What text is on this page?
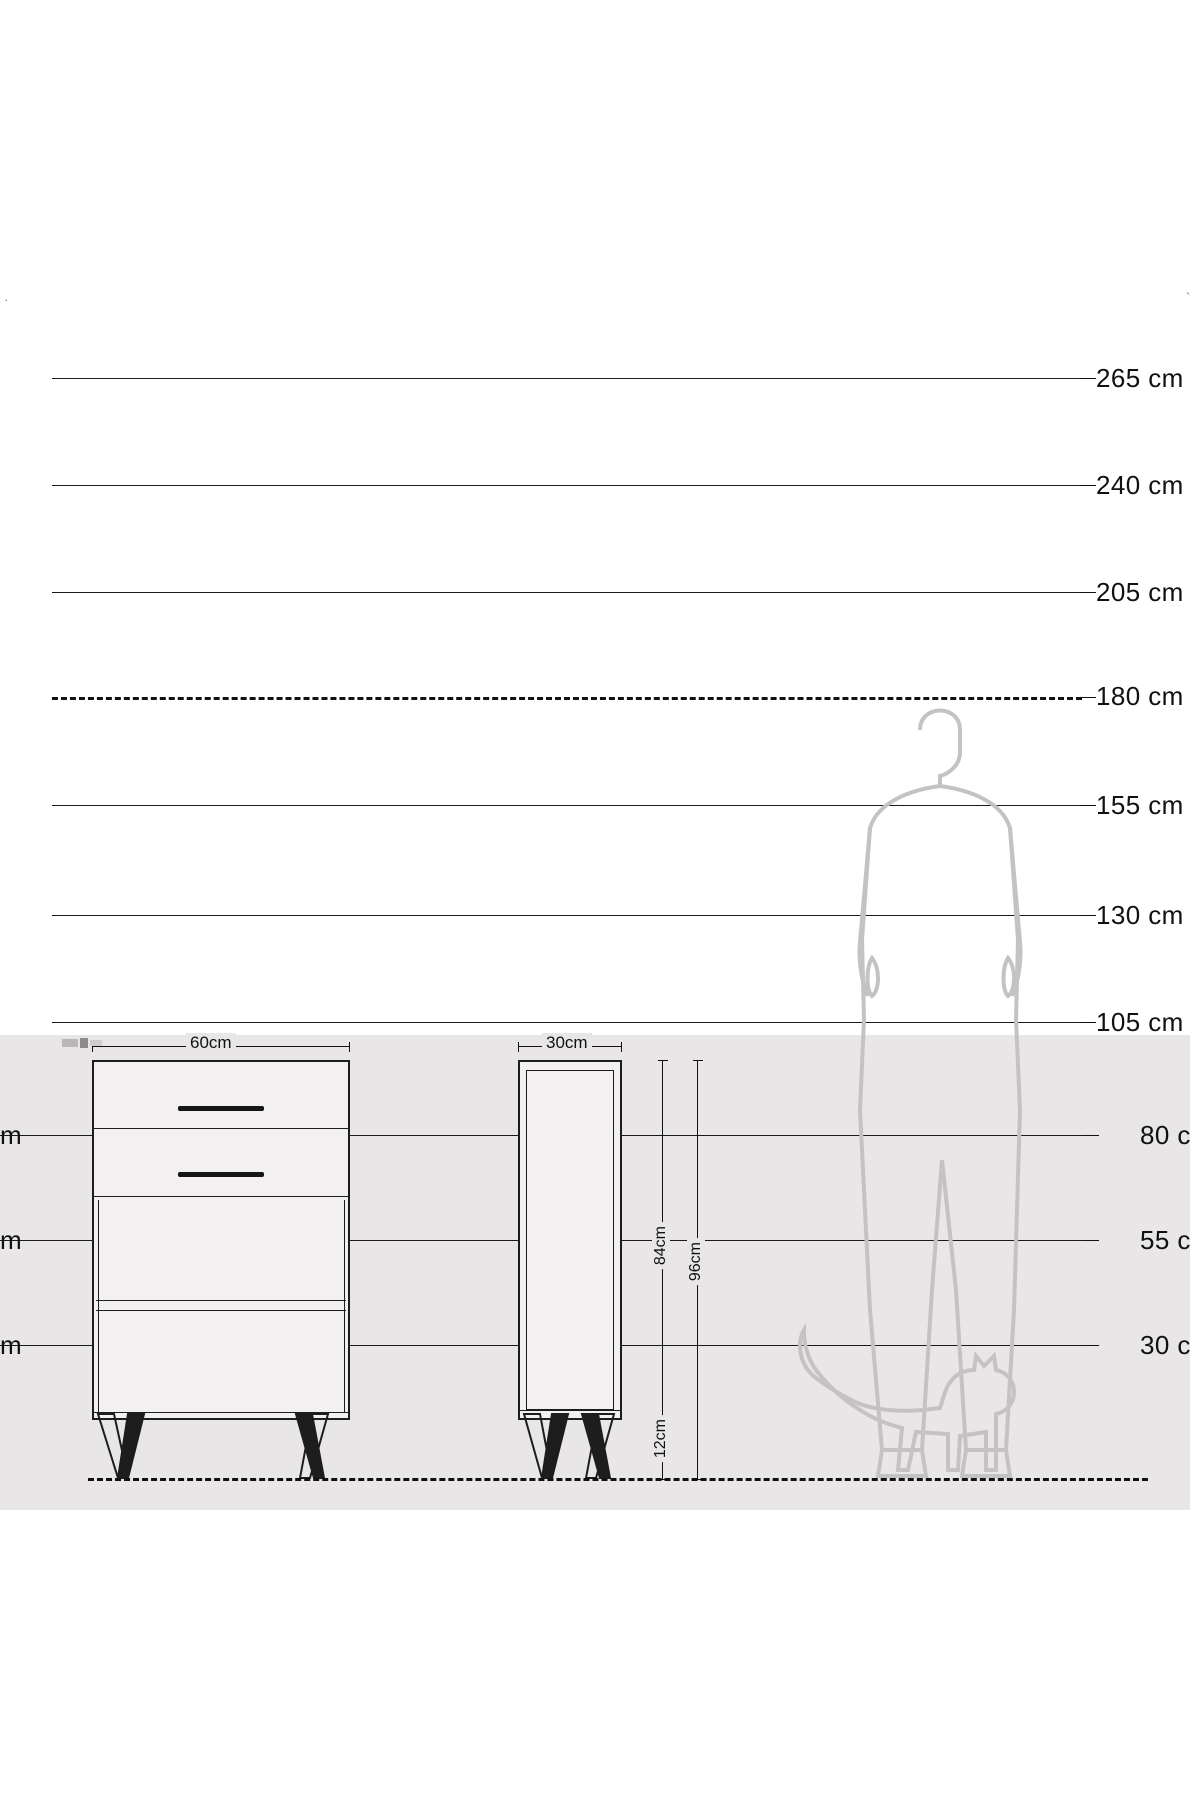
·	`
265 cm
240 cm
205 cm
180 cm
155 cm
130 cm
105 cm
80 c
m
55 c
m
30 c
m
60cm	30cm
84cm 96cm
12cm
